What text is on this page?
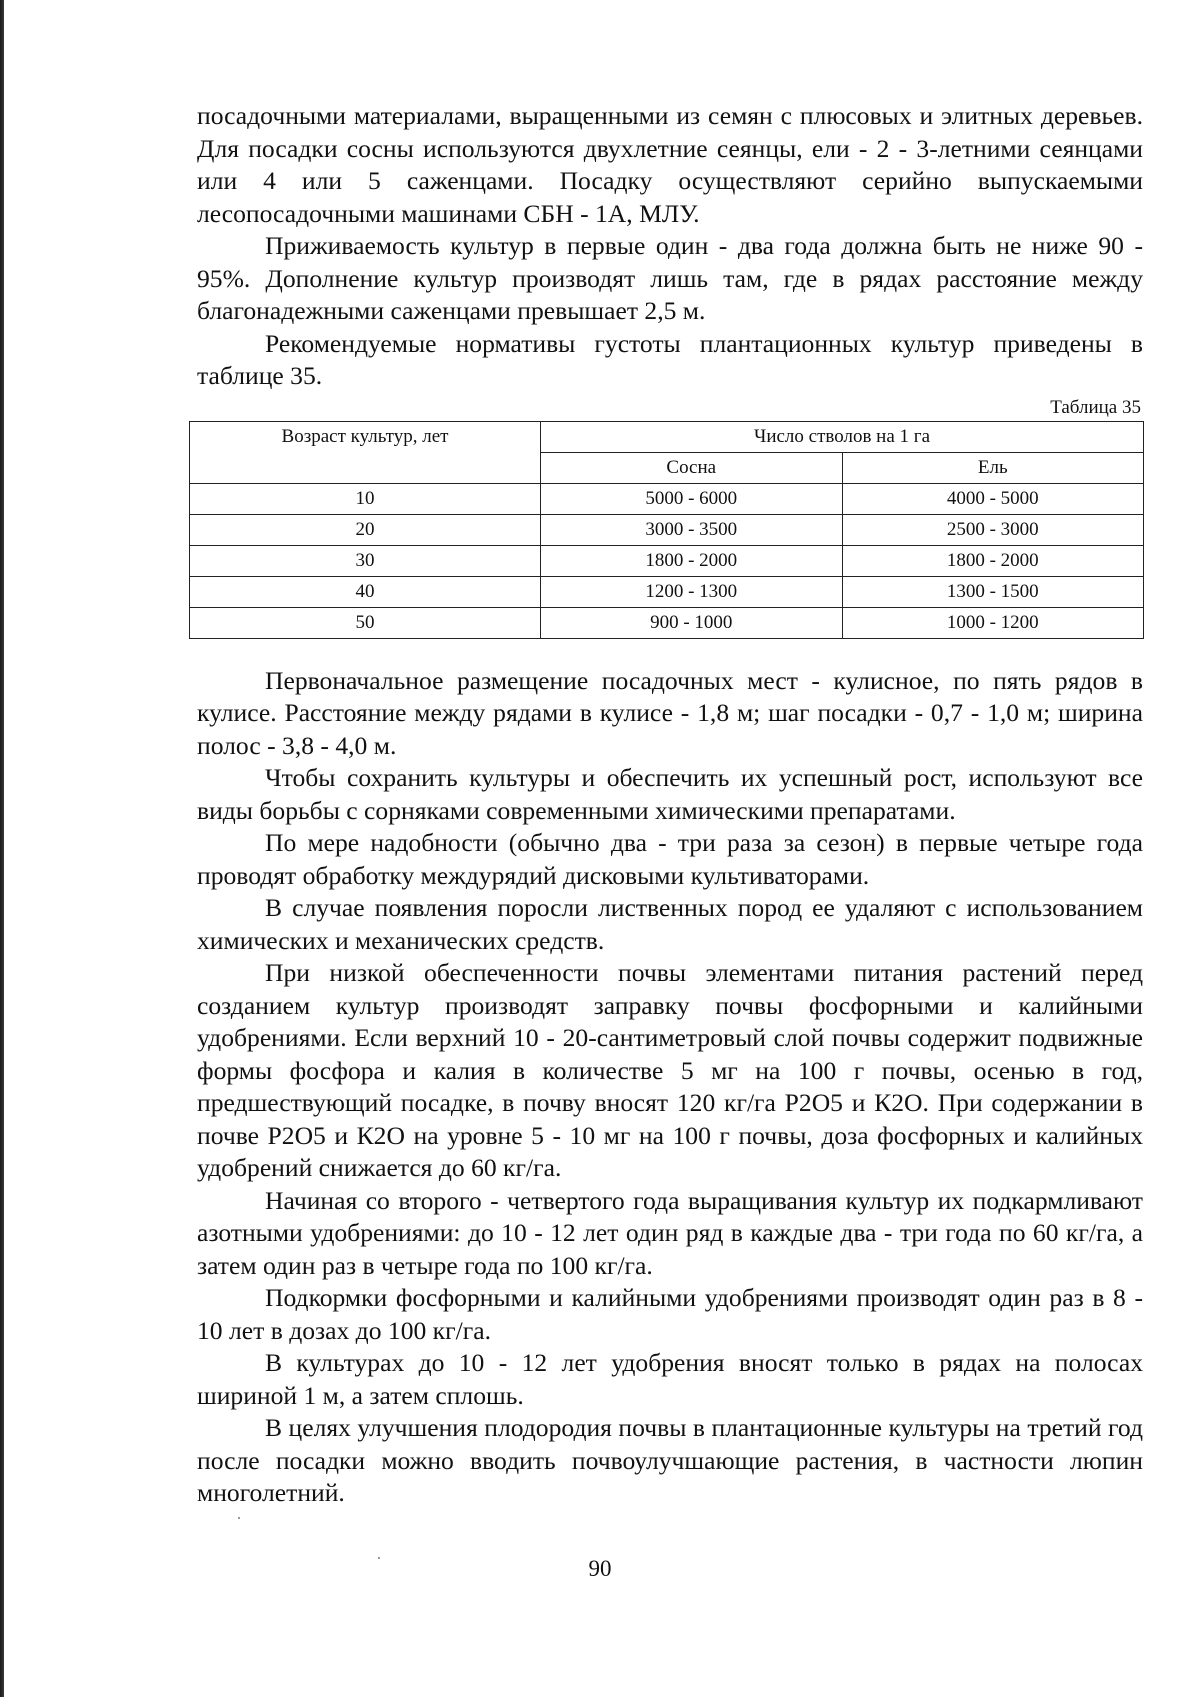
посадочными материалами, выращенными из семян с плюсовых и элитных деревьев. Для посадки сосны используются двухлетние сеянцы, ели - 2 - 3-летними сеянцами или 4 или 5 саженцами. Посадку осуществляют серийно выпускаемыми лесопосадочными машинами СБН - 1А, МЛУ.

Приживаемость культур в первые один - два года должна быть не ниже 90 - 95%. Дополнение культур производят лишь там, где в рядах расстояние между благонадежными саженцами превышает 2,5 м.

Рекомендуемые нормативы густоты плантационных культур приведены в таблице 35.

Таблица 35
Возраст культур, лет	Число стволов на 1 га	
	Сосна	Ель
10	5000 - 6000	4000 - 5000
20	3000 - 3500	2500 - 3000
30	1800 - 2000	1800 - 2000
40	1200 - 1300	1300 - 1500
50	900 - 1000	1000 - 1200

Первоначальное размещение посадочных мест - кулисное, по пять рядов в кулисе. Расстояние между рядами в кулисе - 1,8 м; шаг посадки - 0,7 - 1,0 м; ширина полос - 3,8 - 4,0 м.

Чтобы сохранить культуры и обеспечить их успешный рост, используют все виды борьбы с сорняками современными химическими препаратами.

По мере надобности (обычно два - три раза за сезон) в первые четыре года проводят обработку междурядий дисковыми культиваторами.

В случае появления поросли лиственных пород ее удаляют с использованием химических и механических средств.

При низкой обеспеченности почвы элементами питания растений перед созданием культур производят заправку почвы фосфорными и калийными удобрениями. Если верхний 10 - 20-сантиметровый слой почвы содержит подвижные формы фосфора и калия в количестве 5 мг на 100 г почвы, осенью в год, предшествующий посадке, в почву вносят 120 кг/га Р2О5 и К2О. При содержании в почве Р2О5 и К2О на уровне 5 - 10 мг на 100 г почвы, доза фосфорных и калийных удобрений снижается до 60 кг/га.

Начиная со второго - четвертого года выращивания культур их подкармливают азотными удобрениями: до 10 - 12 лет один ряд в каждые два - три года по 60 кг/га, а затем один раз в четыре года по 100 кг/га.

Подкормки фосфорными и калийными удобрениями производят один раз в 8 - 10 лет в дозах до 100 кг/га.

В культурах до 10 - 12 лет удобрения вносят только в рядах на полосах шириной 1 м, а затем сплошь.

В целях улучшения плодородия почвы в плантационные культуры на третий год после посадки можно вводить почвоулучшающие растения, в частности люпин многолетний.

90
